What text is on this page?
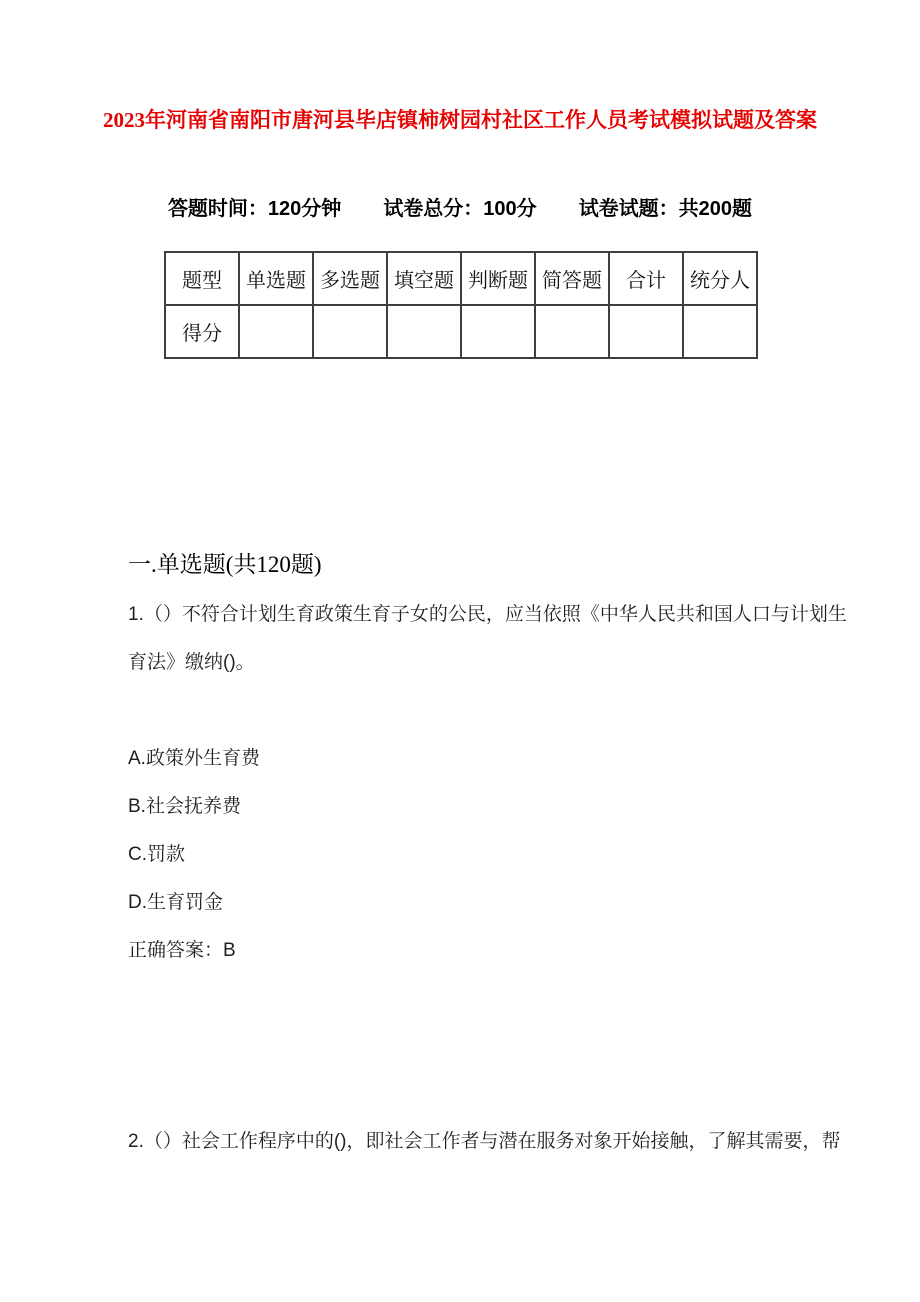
2023年河南省南阳市唐河县毕店镇柿树园村社区工作人员考试模拟试题及答案
答题时间：120分钟 试卷总分：100分 试卷试题：共200题
题型	单选题	多选题	填空题	判断题	简答题	合计	统分人
得分							
一.单选题(共120题)

1.（）不符合计划生育政策生育子女的公民，应当依照《中华人民共和国人口与计划生

育法》缴纳()。

A.政策外生育费

B.社会抚养费

C.罚款

D.生育罚金

正确答案：B

2.（）社会工作程序中的()，即社会工作者与潜在服务对象开始接触，了解其需要，帮
